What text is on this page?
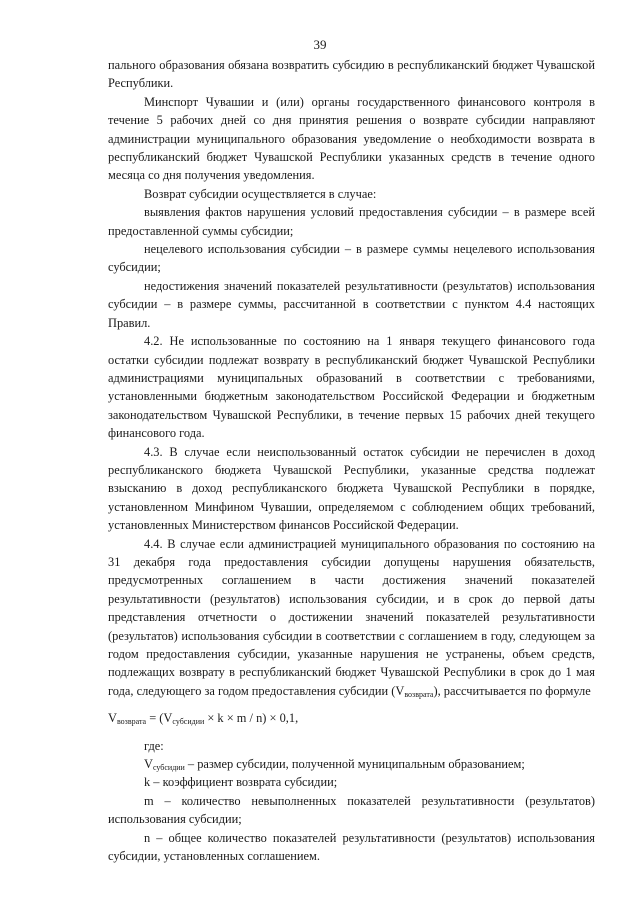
39

пального образования обязана возвратить субсидию в республиканский бюджет Чувашской Республики.

Минспорт Чувашии и (или) органы государственного финансового контроля в течение 5 рабочих дней со дня принятия решения о возврате субсидии направляют администрации муниципального образования уведомление о необходимости возврата в республиканский бюджет Чувашской Республики указанных средств в течение одного месяца со дня получения уведомления.

Возврат субсидии осуществляется в случае:

выявления фактов нарушения условий предоставления субсидии – в размере всей предоставленной суммы субсидии;

нецелевого использования субсидии – в размере суммы нецелевого использования субсидии;

недостижения значений показателей результативности (результатов) использования субсидии – в размере суммы, рассчитанной в соответствии с пунктом 4.4 настоящих Правил.

4.2. Не использованные по состоянию на 1 января текущего финансового года остатки субсидии подлежат возврату в республиканский бюджет Чувашской Республики администрациями муниципальных образований в соответствии с требованиями, установленными бюджетным законодательством Российской Федерации и бюджетным законодательством Чувашской Республики, в течение первых 15 рабочих дней текущего финансового года.

4.3. В случае если неиспользованный остаток субсидии не перечислен в доход республиканского бюджета Чувашской Республики, указанные средства подлежат взысканию в доход республиканского бюджета Чувашской Республики в порядке, установленном Минфином Чувашии, определяемом с соблюдением общих требований, установленных Министерством финансов Российской Федерации.

4.4. В случае если администрацией муниципального образования по состоянию на 31 декабря года предоставления субсидии допущены нарушения обязательств, предусмотренных соглашением в части достижения значений показателей результативности (результатов) использования субсидии, и в срок до первой даты представления отчетности о достижении значений показателей результативности (результатов) использования субсидии в соответствии с соглашением в году, следующем за годом предоставления субсидии, указанные нарушения не устранены, объем средств, подлежащих возврату в республиканский бюджет Чувашской Республики в срок до 1 мая года, следующего за годом предоставления субсидии $(V_{возврата})$, рассчитывается по формуле

$V_{возврата} = (V_{субсидии} \times k \times m / n) \times 0,1$,

где:

$V_{субсидии}$ – размер субсидии, полученной муниципальным образованием;

k – коэффициент возврата субсидии;

m – количество невыполненных показателей результативности (результатов) использования субсидии;

n – общее количество показателей результативности (результатов) использования субсидии, установленных соглашением.
